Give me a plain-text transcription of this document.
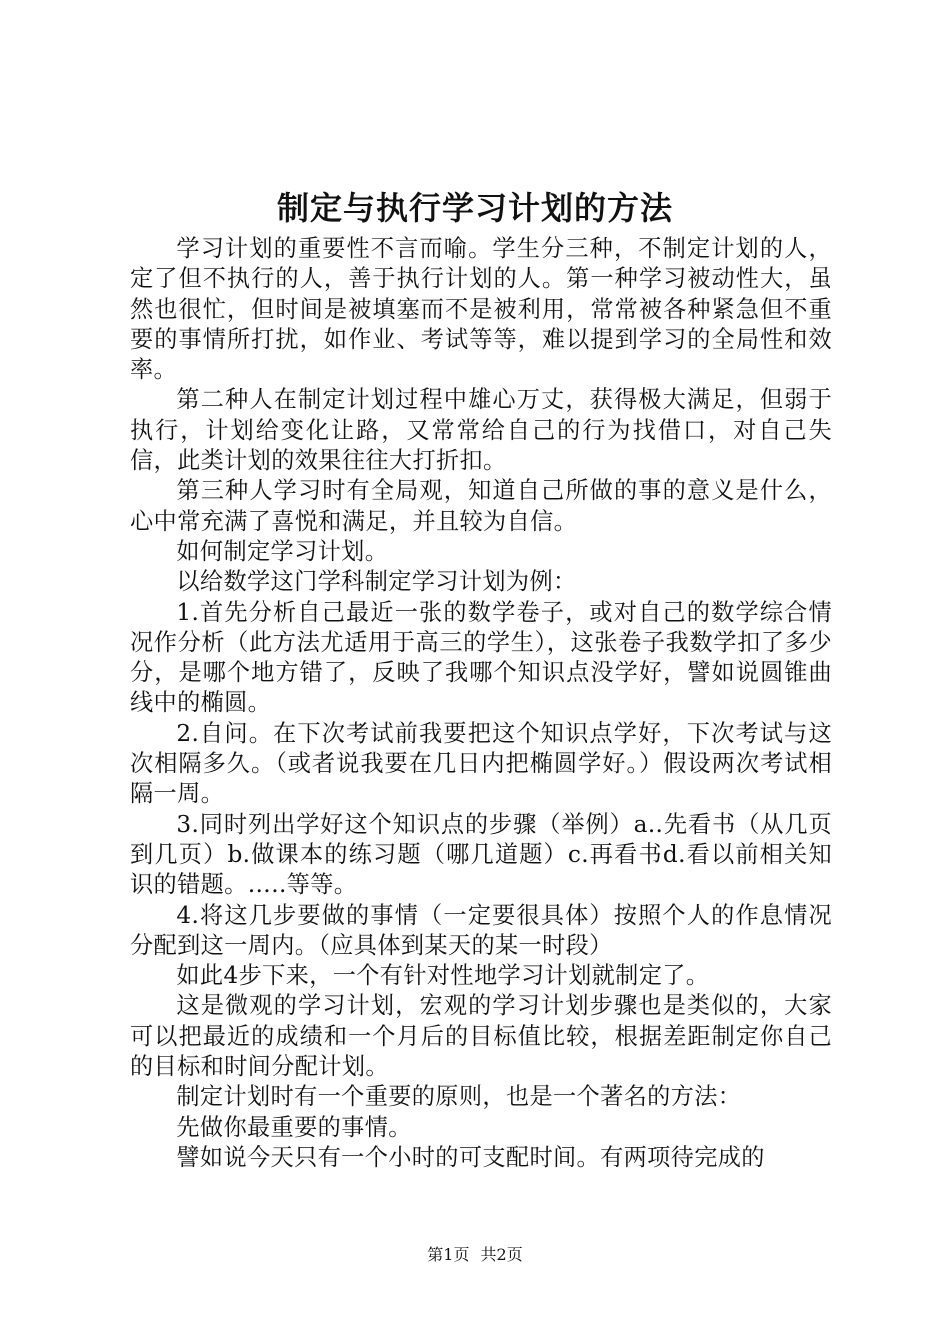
制定与执行学习计划的方法

学习计划的重要性不言而喻。学生分三种，不制定计划的人，定了但不执行的人，善于执行计划的人。第一种学习被动性大，虽然也很忙，但时间是被填塞而不是被利用，常常被各种紧急但不重要的事情所打扰，如作业、考试等等，难以提到学习的全局性和效率。

第二种人在制定计划过程中雄心万丈，获得极大满足，但弱于执行，计划给变化让路，又常常给自己的行为找借口，对自己失信，此类计划的效果往往大打折扣。

第三种人学习时有全局观，知道自己所做的事的意义是什么，心中常充满了喜悦和满足，并且较为自信。

如何制定学习计划。

以给数学这门学科制定学习计划为例：

1.首先分析自己最近一张的数学卷子，或对自己的数学综合情况作分析（此方法尤适用于高三的学生），这张卷子我数学扣了多少分，是哪个地方错了，反映了我哪个知识点没学好，譬如说圆锥曲线中的椭圆。

2.自问。在下次考试前我要把这个知识点学好，下次考试与这次相隔多久。（或者说我要在几日内把椭圆学好。）假设两次考试相隔一周。

3.同时列出学好这个知识点的步骤（举例）a..先看书（从几页到几页）b.做课本的练习题（哪几道题）c.再看书d.看以前相关知识的错题。…..等等。

4.将这几步要做的事情（一定要很具体）按照个人的作息情况分配到这一周内。（应具体到某天的某一时段）

如此4步下来，一个有针对性地学习计划就制定了。

这是微观的学习计划，宏观的学习计划步骤也是类似的，大家可以把最近的成绩和一个月后的目标值比较，根据差距制定你自己的目标和时间分配计划。

制定计划时有一个重要的原则，也是一个著名的方法：

先做你最重要的事情。

譬如说今天只有一个小时的可支配时间。有两项待完成的

第1页 共2页
